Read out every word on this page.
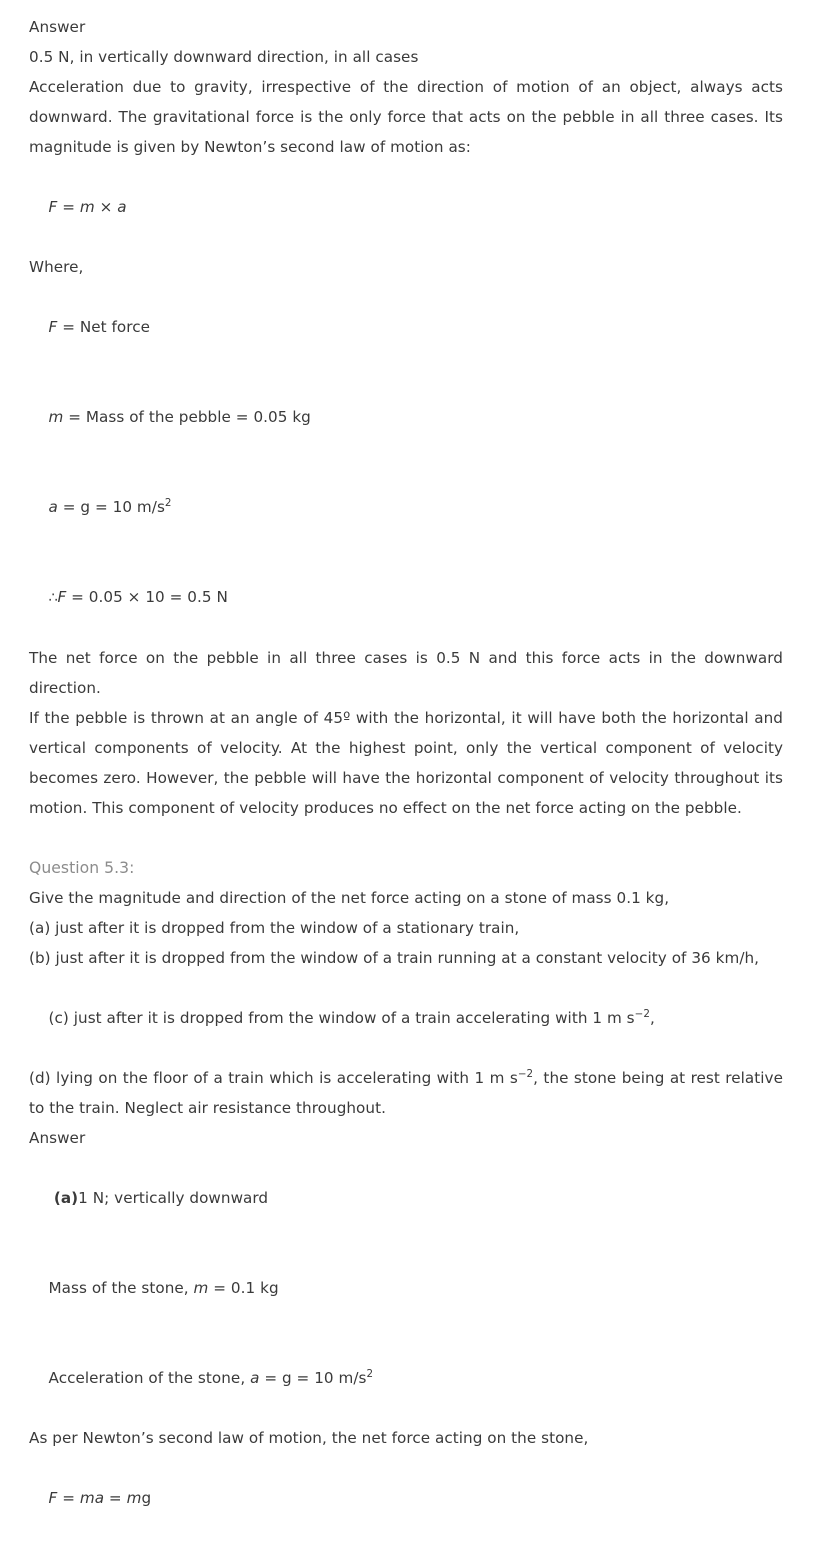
Answer

0.5 N, in vertically downward direction, in all cases

Acceleration due to gravity, irrespective of the direction of motion of an object, always acts downward. The gravitational force is the only force that acts on the pebble in all three cases. Its magnitude is given by Newton’s second law of motion as:

F = m × a

Where,

F = Net force

m = Mass of the pebble = 0.05 kg

a = g = 10 $m/s^2$

∴F = 0.05 × 10 = 0.5 N

The net force on the pebble in all three cases is 0.5 N and this force acts in the downward direction.

If the pebble is thrown at an angle of 45º with the horizontal, it will have both the horizontal and vertical components of velocity. At the highest point, only the vertical component of velocity becomes zero. However, the pebble will have the horizontal component of velocity throughout its motion. This component of velocity produces no effect on the net force acting on the pebble.

Question 5.3:

Give the magnitude and direction of the net force acting on a stone of mass 0.1 kg,

(a) just after it is dropped from the window of a stationary train,

(b) just after it is dropped from the window of a train running at a constant velocity of 36 km/h,

(c) just after it is dropped from the window of a train accelerating with 1 m $s^{-2}$,

(d) lying on the floor of a train which is accelerating with 1 m $s^{-2}$, the stone being at rest relative to the train. Neglect air resistance throughout.

Answer

(a)1 N; vertically downward

Mass of the stone, m = 0.1 kg

Acceleration of the stone, a = g = 10 $m/s^2$

As per Newton’s second law of motion, the net force acting on the stone,

F = ma = mg
